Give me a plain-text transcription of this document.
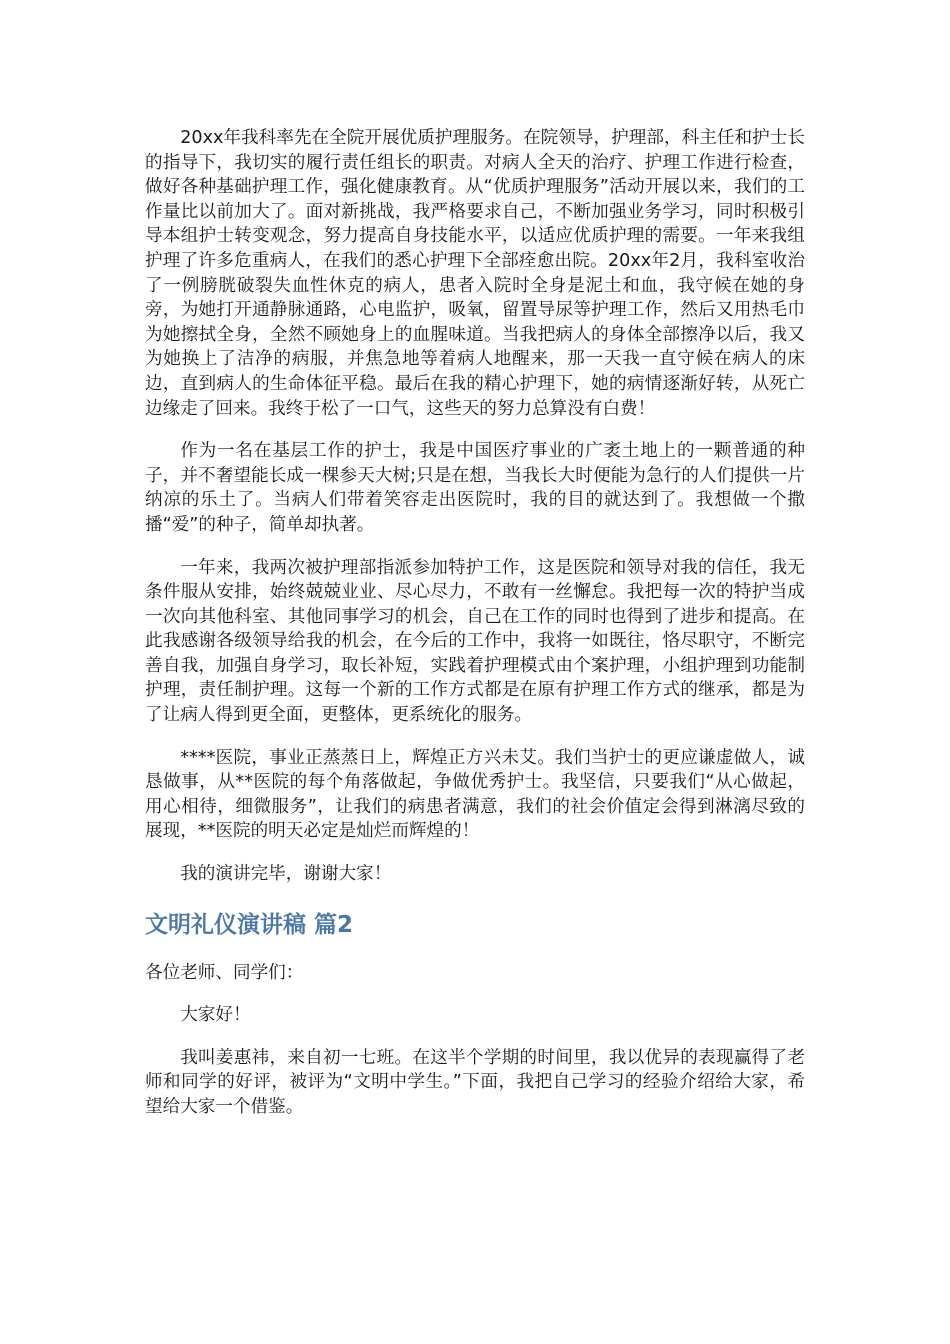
20xx年我科率先在全院开展优质护理服务。在院领导，护理部，科主任和护士长的指导下，我切实的履行责任组长的职责。对病人全天的治疗、护理工作进行检查，做好各种基础护理工作，强化健康教育。从“优质护理服务”活动开展以来，我们的工作量比以前加大了。面对新挑战，我严格要求自己，不断加强业务学习，同时积极引导本组护士转变观念，努力提高自身技能水平，以适应优质护理的需要。一年来我组护理了许多危重病人，在我们的悉心护理下全部痊愈出院。20xx年2月，我科室收治了一例膀胱破裂失血性休克的病人，患者入院时全身是泥土和血，我守候在她的身旁，为她打开通静脉通路，心电监护，吸氧，留置导尿等护理工作，然后又用热毛巾为她擦拭全身，全然不顾她身上的血腥味道。当我把病人的身体全部擦净以后，我又为她换上了洁净的病服，并焦急地等着病人地醒来，那一天我一直守候在病人的床边，直到病人的生命体征平稳。最后在我的精心护理下，她的病情逐渐好转，从死亡边缘走了回来。我终于松了一口气，这些天的努力总算没有白费！

作为一名在基层工作的护士，我是中国医疗事业的广袤土地上的一颗普通的种子，并不奢望能长成一棵参天大树;只是在想，当我长大时便能为急行的人们提供一片纳凉的乐土了。当病人们带着笑容走出医院时，我的目的就达到了。我想做一个撒播“爱”的种子，简单却执著。

一年来，我两次被护理部指派参加特护工作，这是医院和领导对我的信任，我无条件服从安排，始终兢兢业业、尽心尽力，不敢有一丝懈怠。我把每一次的特护当成一次向其他科室、其他同事学习的机会，自己在工作的同时也得到了进步和提高。在此我感谢各级领导给我的机会，在今后的工作中，我将一如既往，恪尽职守，不断完善自我，加强自身学习，取长补短，实践着护理模式由个案护理，小组护理到功能制护理，责任制护理。这每一个新的工作方式都是在原有护理工作方式的继承，都是为了让病人得到更全面，更整体，更系统化的服务。

****医院，事业正蒸蒸日上，辉煌正方兴未艾。我们当护士的更应谦虚做人，诚恳做事，从**医院的每个角落做起，争做优秀护士。我坚信，只要我们“从心做起，用心相待，细微服务”，让我们的病患者满意，我们的社会价值定会得到淋漓尽致的展现，**医院的明天必定是灿烂而辉煌的！

我的演讲完毕，谢谢大家！

文明礼仪演讲稿 篇2

各位老师、同学们：

大家好！

我叫姜惠祎，来自初一七班。在这半个学期的时间里，我以优异的表现赢得了老师和同学的好评，被评为“文明中学生。”下面，我把自己学习的经验介绍给大家，希望给大家一个借鉴。
